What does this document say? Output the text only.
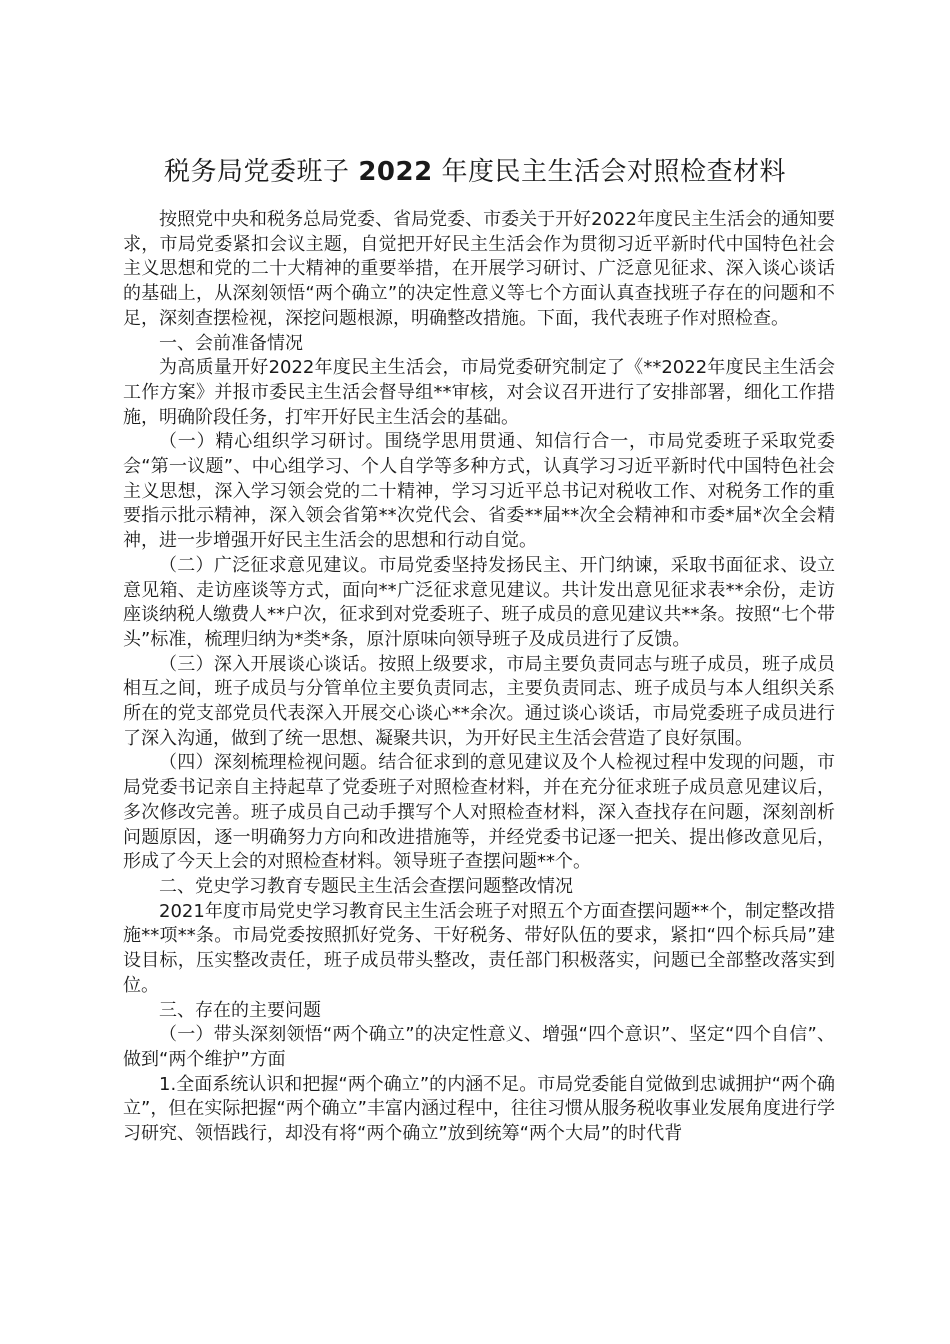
税务局党委班子 2022 年度民主生活会对照检查材料

按照党中央和税务总局党委、省局党委、市委关于开好2022年度民主生活会的通知要求，市局党委紧扣会议主题，自觉把开好民主生活会作为贯彻习近平新时代中国特色社会主义思想和党的二十大精神的重要举措，在开展学习研讨、广泛意见征求、深入谈心谈话的基础上，从深刻领悟“两个确立”的决定性意义等七个方面认真查找班子存在的问题和不足，深刻查摆检视，深挖问题根源，明确整改措施。下面，我代表班子作对照检查。

一、会前准备情况

为高质量开好2022年度民主生活会，市局党委研究制定了《**2022年度民主生活会工作方案》并报市委民主生活会督导组**审核，对会议召开进行了安排部署，细化工作措施，明确阶段任务，打牢开好民主生活会的基础。

（一）精心组织学习研讨。围绕学思用贯通、知信行合一，市局党委班子采取党委会“第一议题”、中心组学习、个人自学等多种方式，认真学习习近平新时代中国特色社会主义思想，深入学习领会党的二十精神，学习习近平总书记对税收工作、对税务工作的重要指示批示精神，深入领会省第**次党代会、省委**届**次全会精神和市委*届*次全会精神，进一步增强开好民主生活会的思想和行动自觉。

（二）广泛征求意见建议。市局党委坚持发扬民主、开门纳谏，采取书面征求、设立意见箱、走访座谈等方式，面向**广泛征求意见建议。共计发出意见征求表**余份，走访座谈纳税人缴费人**户次，征求到对党委班子、班子成员的意见建议共**条。按照“七个带头”标准，梳理归纳为*类*条，原汁原味向领导班子及成员进行了反馈。

（三）深入开展谈心谈话。按照上级要求，市局主要负责同志与班子成员，班子成员相互之间，班子成员与分管单位主要负责同志，主要负责同志、班子成员与本人组织关系所在的党支部党员代表深入开展交心谈心**余次。通过谈心谈话，市局党委班子成员进行了深入沟通，做到了统一思想、凝聚共识，为开好民主生活会营造了良好氛围。

（四）深刻梳理检视问题。结合征求到的意见建议及个人检视过程中发现的问题，市局党委书记亲自主持起草了党委班子对照检查材料，并在充分征求班子成员意见建议后，多次修改完善。班子成员自己动手撰写个人对照检查材料，深入查找存在问题，深刻剖析问题原因，逐一明确努力方向和改进措施等，并经党委书记逐一把关、提出修改意见后，形成了今天上会的对照检查材料。领导班子查摆问题**个。

二、党史学习教育专题民主生活会查摆问题整改情况

2021年度市局党史学习教育民主生活会班子对照五个方面查摆问题**个，制定整改措施**项**条。市局党委按照抓好党务、干好税务、带好队伍的要求，紧扣“四个标兵局”建设目标，压实整改责任，班子成员带头整改，责任部门积极落实，问题已全部整改落实到位。

三、存在的主要问题

（一）带头深刻领悟“两个确立”的决定性意义、增强“四个意识”、坚定“四个自信”、做到“两个维护”方面

1.全面系统认识和把握“两个确立”的内涵不足。市局党委能自觉做到忠诚拥护“两个确立”，但在实际把握“两个确立”丰富内涵过程中，往往习惯从服务税收事业发展角度进行学习研究、领悟践行，却没有将“两个确立”放到统筹“两个大局”的时代背
